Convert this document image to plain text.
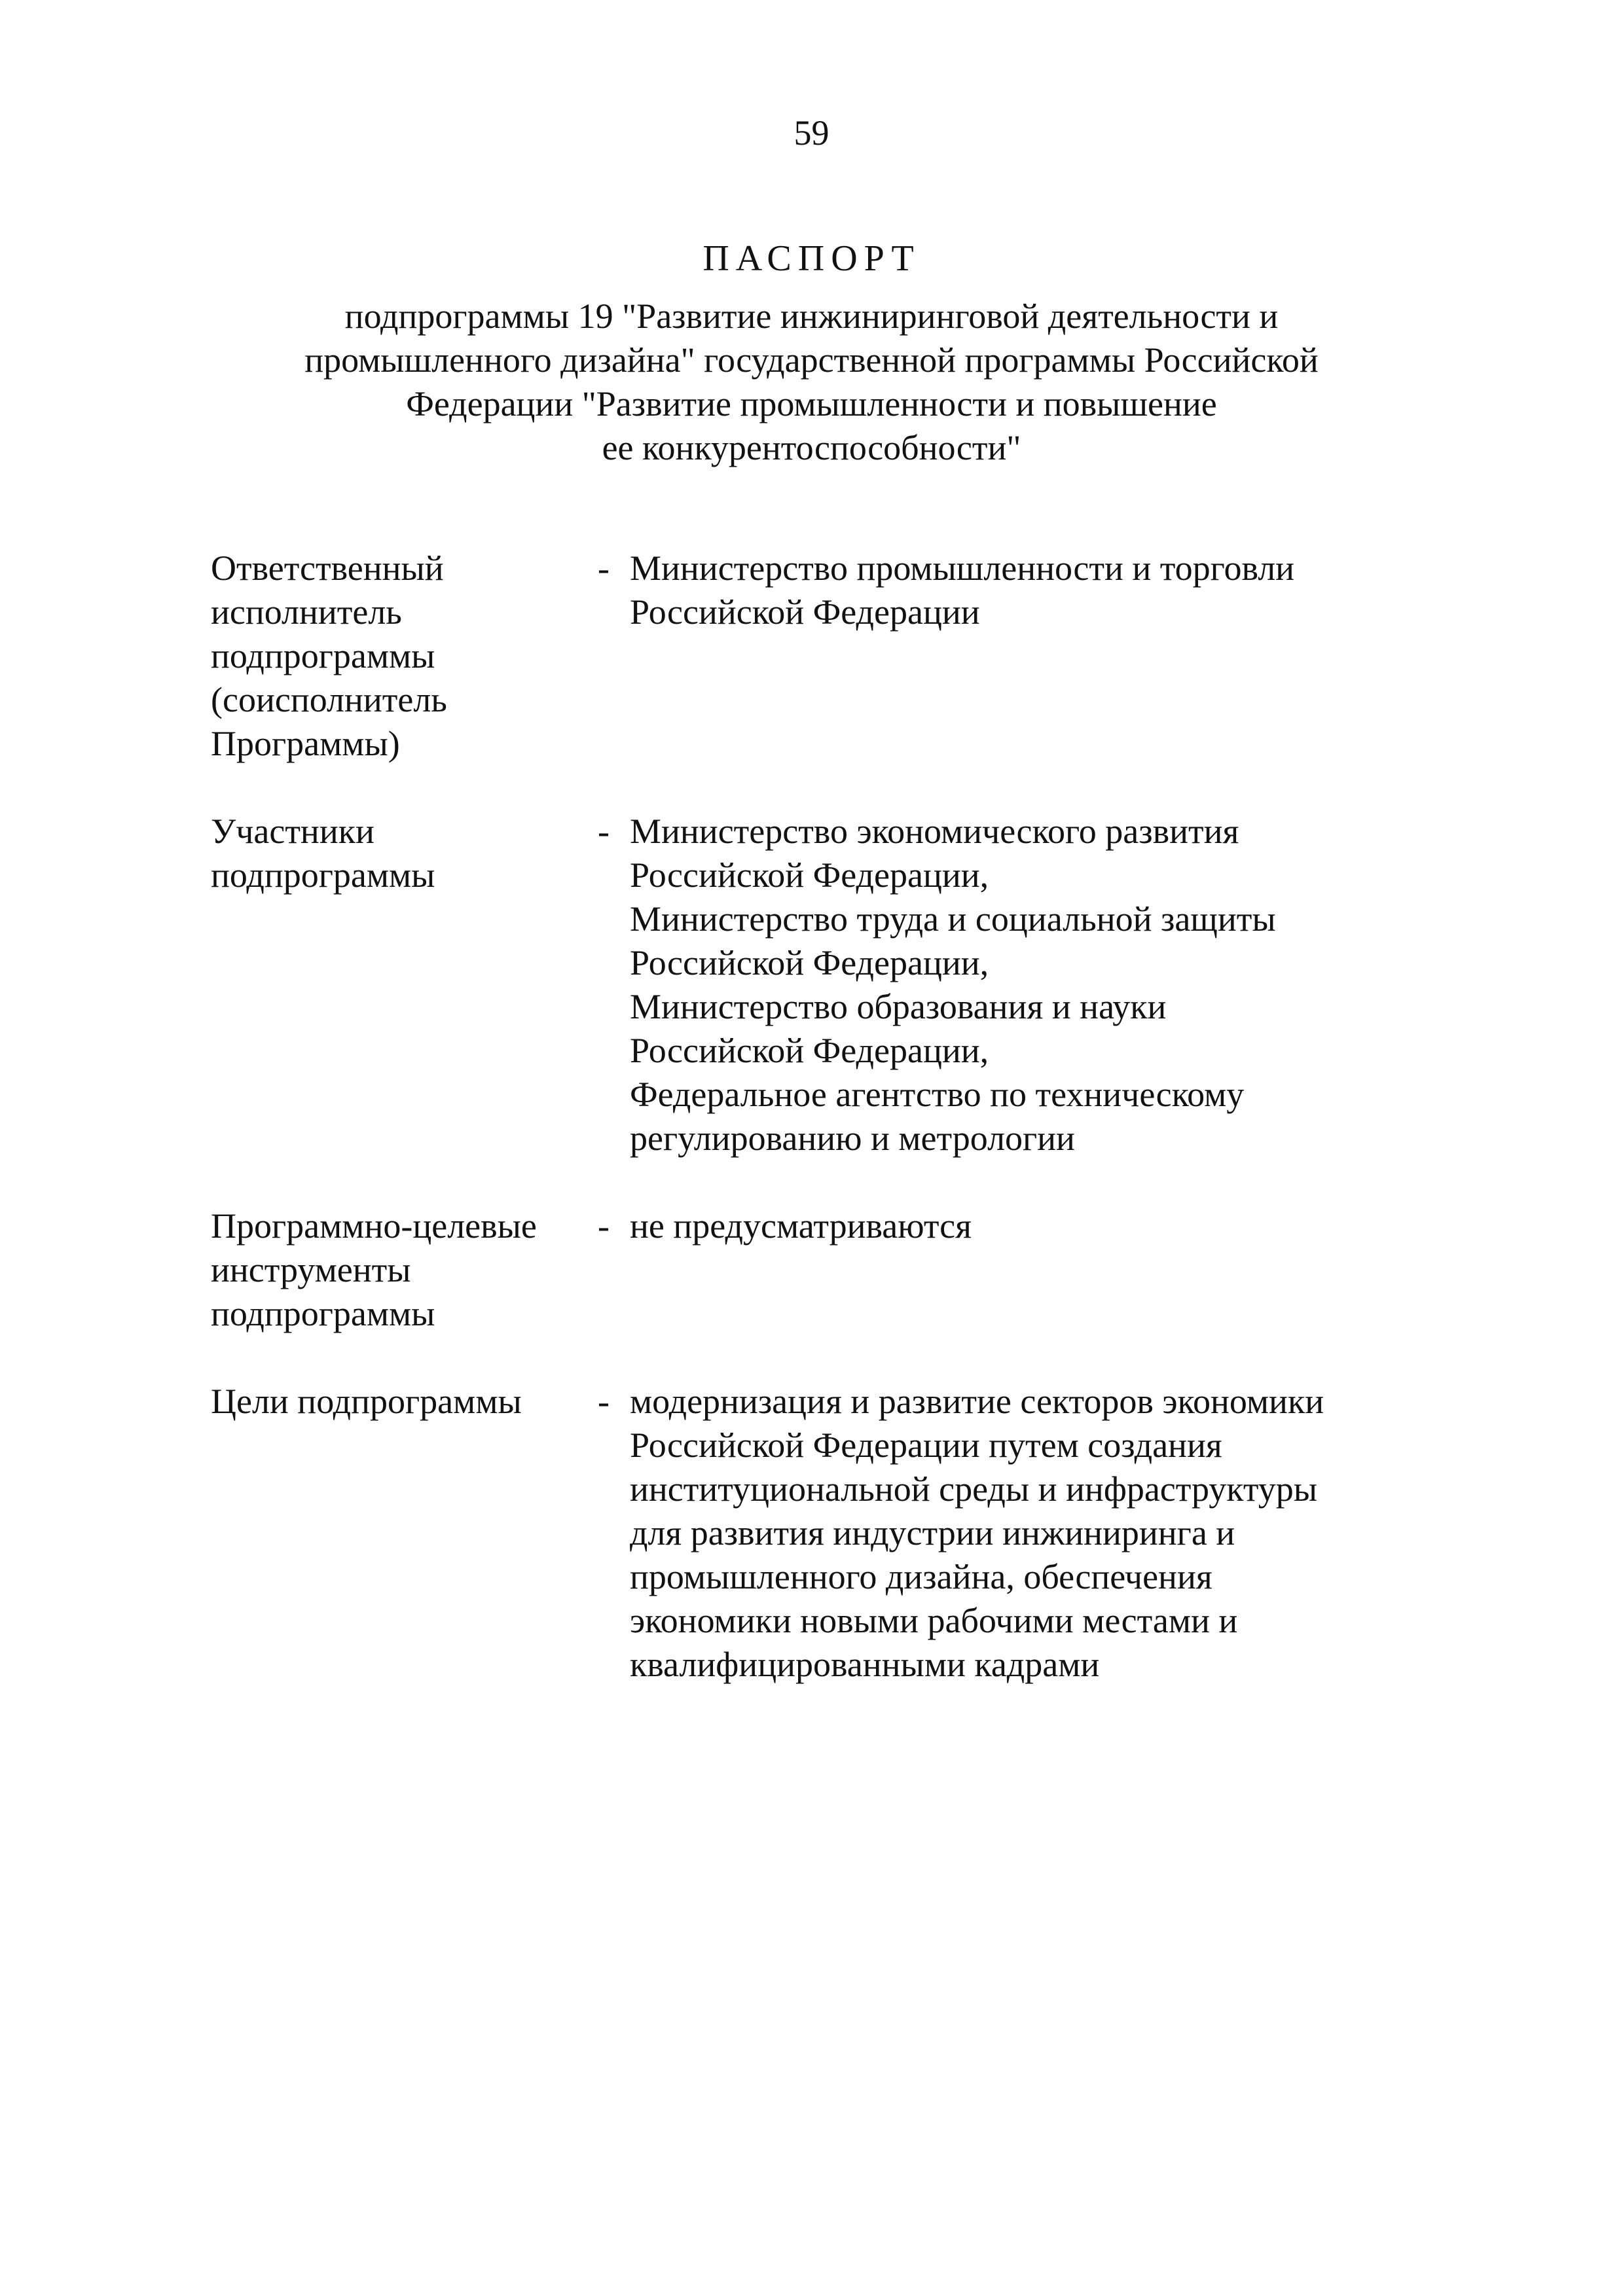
59
ПАСПОРТ
подпрограммы 19 "Развитие инжиниринговой деятельности и
промышленного дизайна" государственной программы Российской
Федерации "Развитие промышленности и повышение
ее конкурентоспособности"
Ответственный
исполнитель
подпрограммы
(соисполнитель
Программы)
- Министерство промышленности и торговли
Российской Федерации
Участники
подпрограммы
- Министерство экономического развития
Российской Федерации,
Министерство труда и социальной защиты
Российской Федерации,
Министерство образования и науки
Российской Федерации,
Федеральное агентство по техническому
регулированию и метрологии
Программно-целевые
инструменты
подпрограммы
- не предусматриваются
Цели подпрограммы	- модернизация и развитие секторов экономики
Российской Федерации путем создания
институциональной среды и инфраструктуры
для развития индустрии инжиниринга и
промышленного дизайна, обеспечения
экономики новыми рабочими местами и
квалифицированными кадрами
